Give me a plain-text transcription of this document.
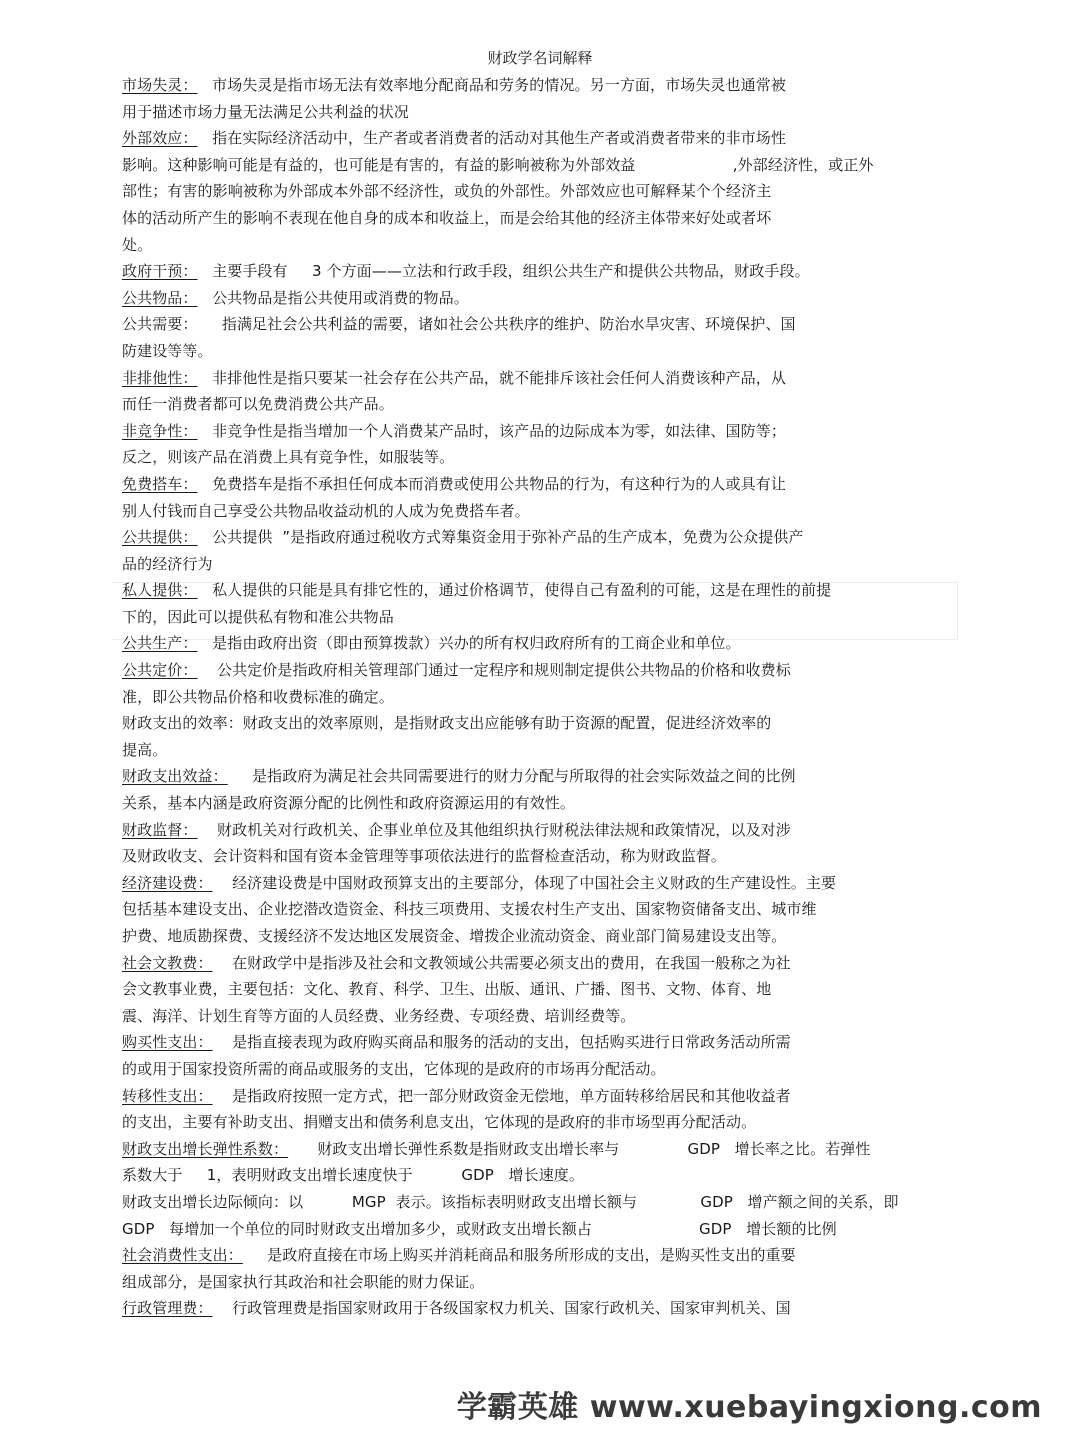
财政学名词解释
市场失灵：   市场失灵是指市场无法有效率地分配商品和劳务的情况。另一方面，市场失灵也通常被
用于描述市场力量无法满足公共利益的状况
外部效应：   指在实际经济活动中，生产者或者消费者的活动对其他生产者或消费者带来的非市场性
影响。这种影响可能是有益的，也可能是有害的，有益的影响被称为外部效益                    ,外部经济性，或正外
部性；有害的影响被称为外部成本外部不经济性，或负的外部性。外部效应也可解释某个个经济主
体的活动所产生的影响不表现在他自身的成本和收益上，而是会给其他的经济主体带来好处或者坏
处。
政府干预：   主要手段有     3 个方面——立法和行政手段，组织公共生产和提供公共物品，财政手段。
公共物品：   公共物品是指公共使用或消费的物品。
公共需要：     指满足社会公共利益的需要，诸如社会公共秩序的维护、防治水旱灾害、环境保护、国
防建设等等。
非排他性：   非排他性是指只要某一社会存在公共产品，就不能排斥该社会任何人消费该种产品，从
而任一消费者都可以免费消费公共产品。
非竞争性：   非竞争性是指当增加一个人消费某产品时，该产品的边际成本为零，如法律、国防等；
反之，则该产品在消费上具有竞争性，如服装等。
免费搭车：   免费搭车是指不承担任何成本而消费或使用公共物品的行为，有这种行为的人或具有让
别人付钱而自己享受公共物品收益动机的人成为免费搭车者。
公共提供：   公共提供  ”是指政府通过税收方式筹集资金用于弥补产品的生产成本，免费为公众提供产
品的经济行为
私人提供：   私人提供的只能是具有排它性的，通过价格调节，使得自己有盈利的可能，这是在理性的前提
下的，因此可以提供私有物和准公共物品
公共生产：   是指由政府出资（即由预算拨款）兴办的所有权归政府所有的工商企业和单位。
公共定价：    公共定价是指政府相关管理部门通过一定程序和规则制定提供公共物品的价格和收费标
准，即公共物品价格和收费标准的确定。
财政支出的效率：财政支出的效率原则，是指财政支出应能够有助于资源的配置，促进经济效率的
提高。
财政支出效益：     是指政府为满足社会共同需要进行的财力分配与所取得的社会实际效益之间的比例
关系，基本内涵是政府资源分配的比例性和政府资源运用的有效性。
财政监督：    财政机关对行政机关、企事业单位及其他组织执行财税法律法规和政策情况，以及对涉
及财政收支、会计资料和国有资本金管理等事项依法进行的监督检查活动，称为财政监督。
经济建设费：    经济建设费是中国财政预算支出的主要部分，体现了中国社会主义财政的生产建设性。主要
包括基本建设支出、企业挖潜改造资金、科技三项费用、支援农村生产支出、国家物资储备支出、城市维
护费、地质勘探费、支援经济不发达地区发展资金、增拨企业流动资金、商业部门简易建设支出等。
社会文教费：    在财政学中是指涉及社会和文教领域公共需要必须支出的费用，在我国一般称之为社
会文教事业费，主要包括：文化、教育、科学、卫生、出版、通讯、广播、图书、文物、体育、地
震、海洋、计划生育等方面的人员经费、业务经费、专项经费、培训经费等。
购买性支出：    是指直接表现为政府购买商品和服务的活动的支出，包括购买进行日常政务活动所需
的或用于国家投资所需的商品或服务的支出，它体现的是政府的市场再分配活动。
转移性支出：    是指政府按照一定方式，把一部分财政资金无偿地，单方面转移给居民和其他收益者
的支出，主要有补助支出、捐赠支出和债务利息支出，它体现的是政府的非市场型再分配活动。
财政支出增长弹性系数：      财政支出增长弹性系数是指财政支出增长率与              GDP   增长率之比。若弹性
系数大于     1，表明财政支出增长速度快于          GDP   增长速度。
财政支出增长边际倾向：以          MGP  表示。该指标表明财政支出增长额与             GDP   增产额之间的关系，即
GDP   每增加一个单位的同时财政支出增加多少，或财政支出增长额占                      GDP   增长额的比例
社会消费性支出：     是政府直接在市场上购买并消耗商品和服务所形成的支出，是购买性支出的重要
组成部分，是国家执行其政治和社会职能的财力保证。
行政管理费：    行政管理费是指国家财政用于各级国家权力机关、国家行政机关、国家审判机关、国
学霸英雄 www.xuebayingxiong.com
